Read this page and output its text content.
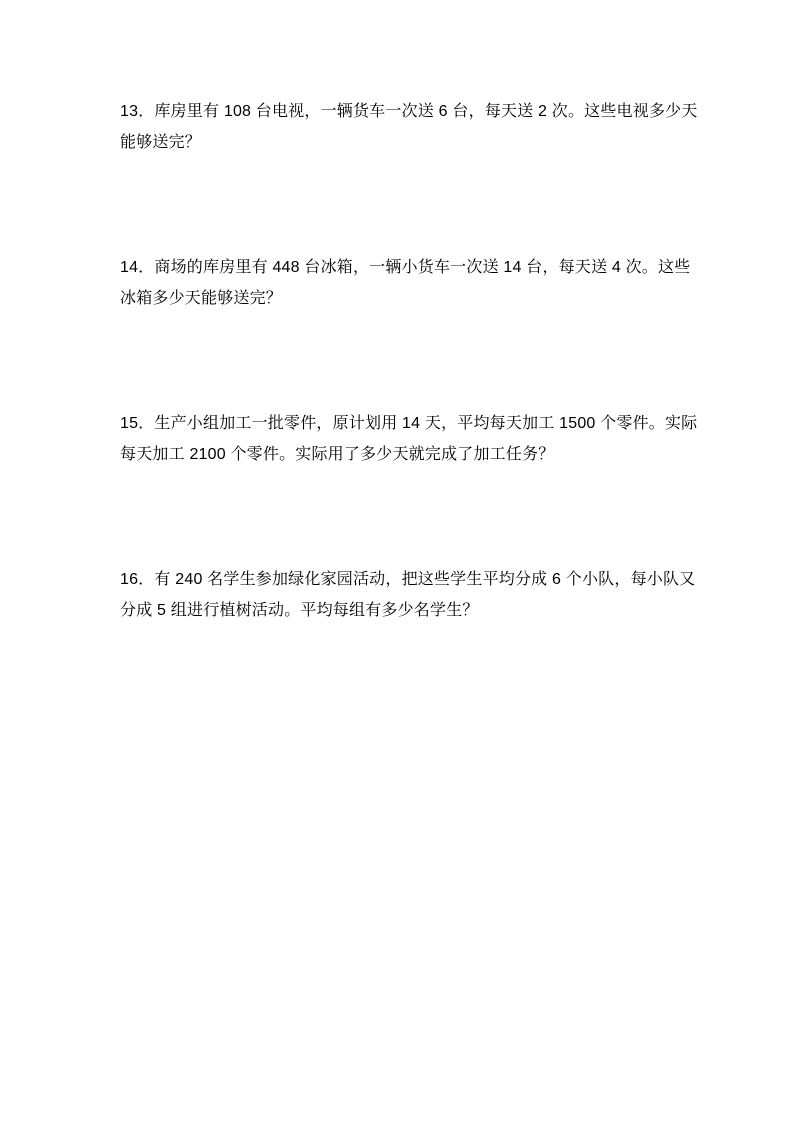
13．库房里有 108 台电视，一辆货车一次送 6 台，每天送 2 次。这些电视多少天

能够送完？

14．商场的库房里有 448 台冰箱，一辆小货车一次送 14 台，每天送 4 次。这些

冰箱多少天能够送完？

15．生产小组加工一批零件，原计划用 14 天，平均每天加工 1500 个零件。实际

每天加工 2100 个零件。实际用了多少天就完成了加工任务？

16．有 240 名学生参加绿化家园活动，把这些学生平均分成 6 个小队，每小队又

分成 5 组进行植树活动。平均每组有多少名学生？
